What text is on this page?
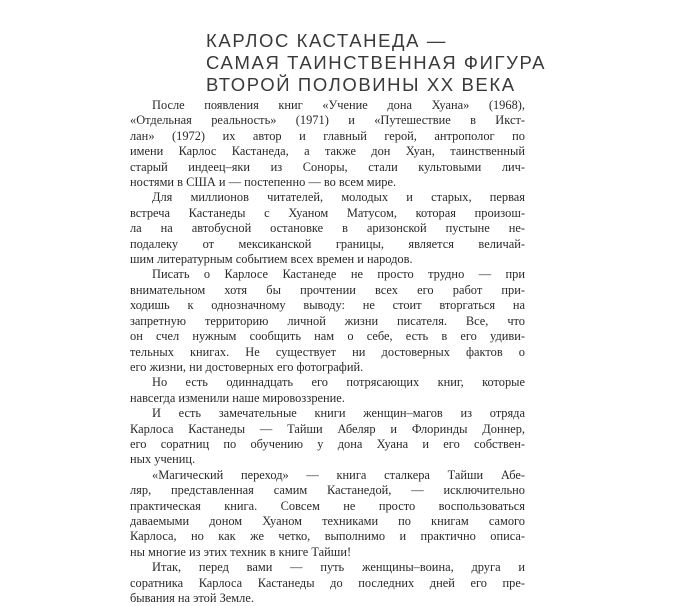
КАРЛОС КАСТАНЕДА —
САМАЯ ТАИНСТВЕННАЯ ФИГУРА
ВТОРОЙ ПОЛОВИНЫ XX ВЕКА

После появления книг «Учение дона Хуана» (1968),
«Отдельная реальность» (1971) и «Путешествие в Икст-
лан» (1972) их автор и главный герой, антрополог по
имени Карлос Кастанеда, а также дон Хуан, таинственный
старый индеец–яки из Соноры, стали культовыми лич-
ностями в США и — постепенно — во всем мире.

Для миллионов читателей, молодых и старых, первая
встреча Кастанеды с Хуаном Матусом, которая произош-
ла на автобусной остановке в аризонской пустыне не-
подалеку от мексиканской границы, является величай-
шим литературным событием всех времен и народов.

Писать о Карлосе Кастанеде не просто трудно — при
внимательном хотя бы прочтении всех его работ при-
ходишь к однозначному выводу: не стоит вторгаться на
запретную территорию личной жизни писателя. Все, что
он счел нужным сообщить нам о себе, есть в его удиви-
тельных книгах. Не существует ни достоверных фактов о
его жизни, ни достоверных его фотографий.

Но есть одиннадцать его потрясающих книг, которые
навсегда изменили наше мировоззрение.

И есть замечательные книги женщин–магов из отряда
Карлоса Кастанеды — Тайши Абеляр и Флоринды Доннер,
его соратниц по обучению у дона Хуана и его собствен-
ных учениц.

«Магический переход» — книга сталкера Тайши Абе-
ляр, представленная самим Кастанедой, — исключительно
практическая книга. Совсем не просто воспользоваться
даваемыми доном Хуаном техниками по книгам самого
Карлоса, но как же четко, выполнимо и практично описа-
ны многие из этих техник в книге Тайши!

Итак, перед вами — путь женщины–воина, друга и
соратника Карлоса Кастанеды до последних дней его пре-
бывания на этой Земле.
